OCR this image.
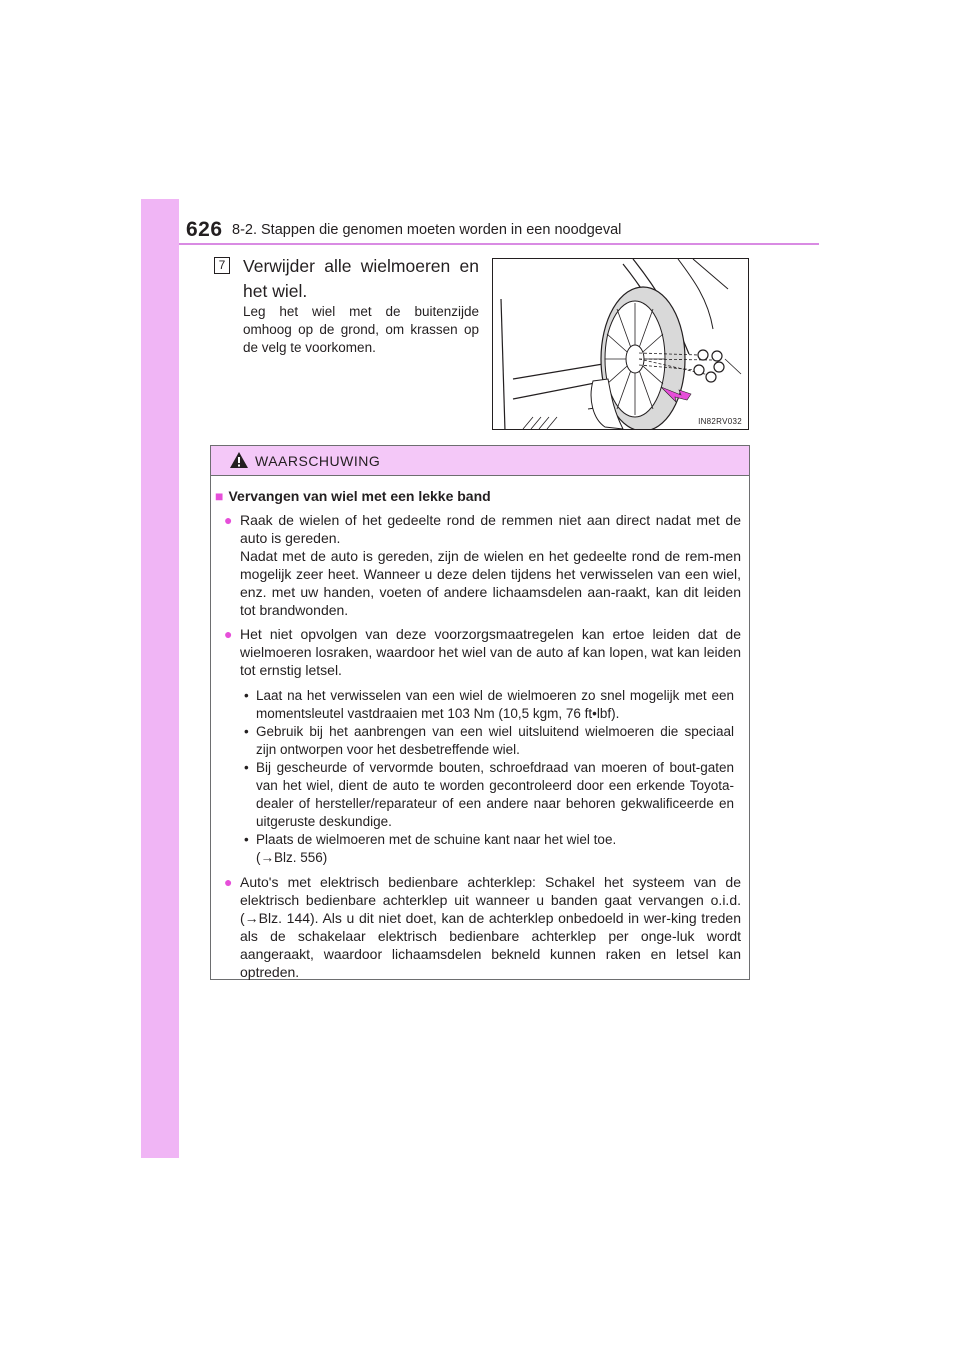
626 8-2. Stappen die genomen moeten worden in een noodgeval
7 Verwijder alle wielmoeren en het wiel.
Leg het wiel met de buitenzijde omhoog op de grond, om krassen op de velg te voorkomen.
IN82RV032
WAARSCHUWING
■ Vervangen van wiel met een lekke band
● Raak de wielen of het gedeelte rond de remmen niet aan direct nadat met de auto is gereden.
Nadat met de auto is gereden, zijn de wielen en het gedeelte rond de rem-men mogelijk zeer heet. Wanneer u deze delen tijdens het verwisselen van een wiel, enz. met uw handen, voeten of andere lichaamsdelen aan-raakt, kan dit leiden tot brandwonden.
● Het niet opvolgen van deze voorzorgsmaatregelen kan ertoe leiden dat de wielmoeren losraken, waardoor het wiel van de auto af kan lopen, wat kan leiden tot ernstig letsel.
• Laat na het verwisselen van een wiel de wielmoeren zo snel mogelijk met een momentsleutel vastdraaien met 103 Nm (10,5 kgm, 76 ft•lbf).
• Gebruik bij het aanbrengen van een wiel uitsluitend wielmoeren die speciaal zijn ontworpen voor het desbetreffende wiel.
• Bij gescheurde of vervormde bouten, schroefdraad van moeren of bout-gaten van het wiel, dient de auto te worden gecontroleerd door een erkende Toyota-dealer of hersteller/reparateur of een andere naar behoren gekwalificeerde en uitgeruste deskundige.
• Plaats de wielmoeren met de schuine kant naar het wiel toe.
(→Blz. 556)
● Auto's met elektrisch bedienbare achterklep: Schakel het systeem van de elektrisch bedienbare achterklep uit wanneer u banden gaat vervangen o.i.d. (→Blz. 144). Als u dit niet doet, kan de achterklep onbedoeld in wer-king treden als de schakelaar elektrisch bedienbare achterklep per onge-luk wordt aangeraakt, waardoor lichaamsdelen bekneld kunnen raken en letsel kan optreden.
